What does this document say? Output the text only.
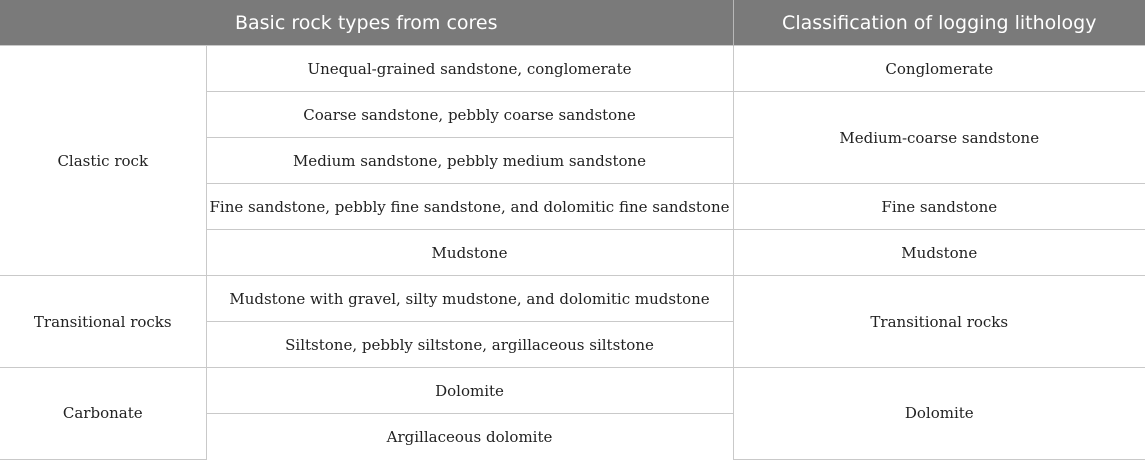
Basic rock types from cores		Classification of logging lithology
Clastic rock	Unequal-grained sandstone, conglomerate	Conglomerate
	Coarse sandstone, pebbly coarse sandstone	Medium-coarse sandstone
	Medium sandstone, pebbly medium sandstone	
	Fine sandstone, pebbly fine sandstone, and dolomitic fine sandstone	Fine sandstone
	Mudstone	Mudstone
Transitional rocks	Mudstone with gravel, silty mudstone, and dolomitic mudstone	Transitional rocks
	Siltstone, pebbly siltstone, argillaceous siltstone	
Carbonate	Dolomite	Dolomite
	Argillaceous dolomite	
